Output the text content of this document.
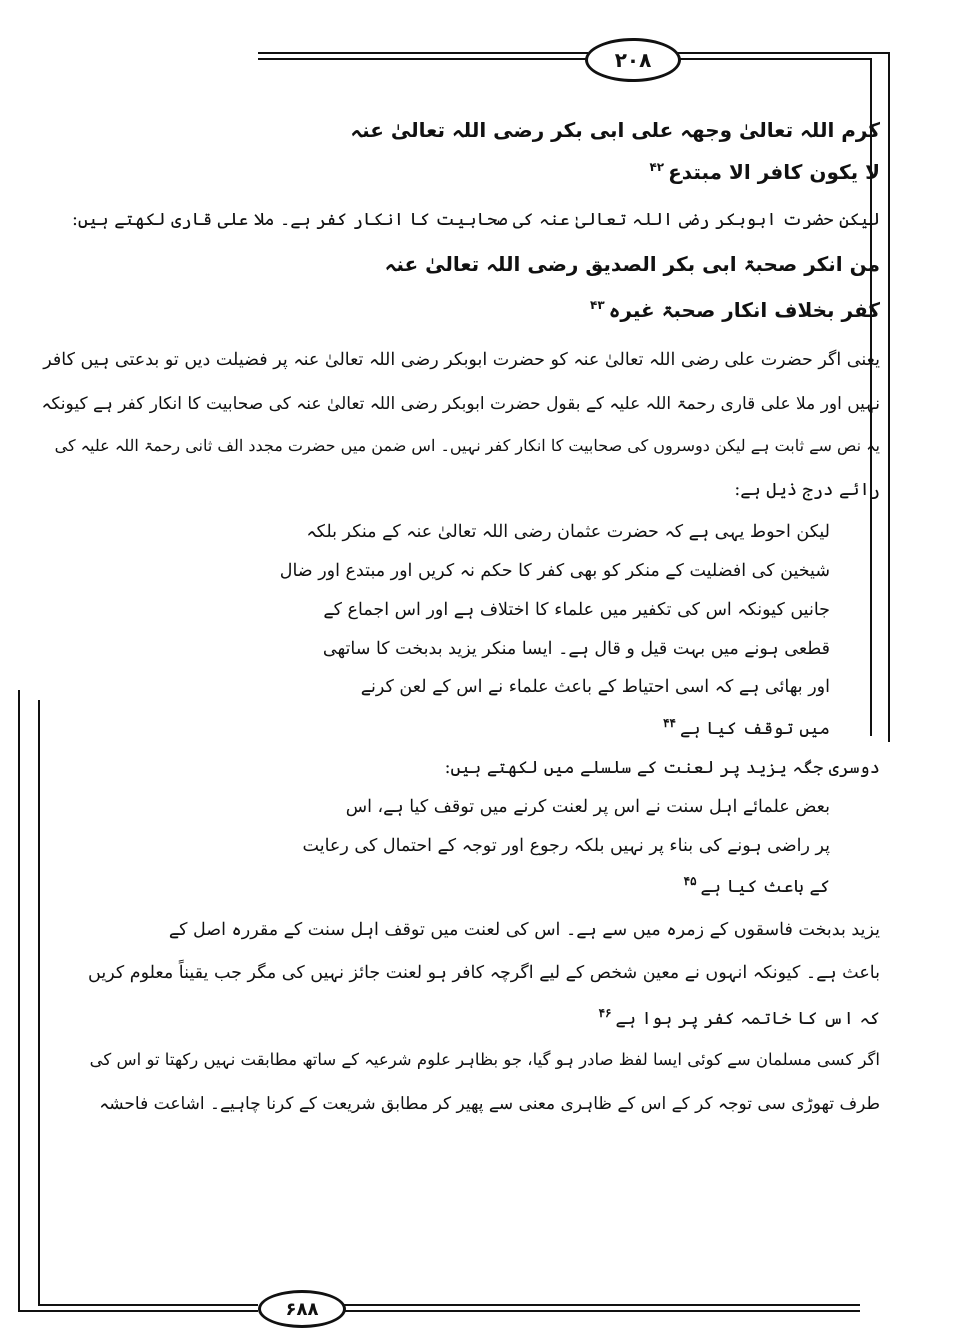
۲۰۸
۶۸۸
کرم اللہ تعالیٰ وجھہ علی ابی بکر رضی اللہ تعالیٰ عنہ
لا یکون کافر الا مبتدع$^{۴۲}$
لیکن حضرت ابوبکر رضی اللہ تعالیٰ عنہ کی صحابیت کا انکار کفر ہے۔ ملا علی قاری لکھتے ہیں:
من انکر صحبۃ ابی بکر الصدیق رضی اللہ تعالیٰ عنہ
کفر بخلاف انکار صحبۃ غیرہ$^{۴۳}$
یعنی اگر حضرت علی رضی اللہ تعالیٰ عنہ کو حضرت ابوبکر رضی اللہ تعالیٰ عنہ پر فضیلت دیں تو بدعتی ہیں کافر
نہیں اور ملا علی قاری رحمۃ اللہ علیہ کے بقول حضرت ابوبکر رضی اللہ تعالیٰ عنہ کی صحابیت کا انکار کفر ہے کیونکہ
یہ نص سے ثابت ہے لیکن دوسروں کی صحابیت کا انکار کفر نہیں۔ اس ضمن میں حضرت مجدد الف ثانی رحمۃ اللہ علیہ کی
رائے درج ذیل ہے:
لیکن احوط یہی ہے کہ حضرت عثمان رضی اللہ تعالیٰ عنہ کے منکر بلکہ
شیخین کی افضلیت کے منکر کو بھی کفر کا حکم نہ کریں اور مبتدع اور ضال
جانیں کیونکہ اس کی تکفیر میں علماء کا اختلاف ہے اور اس اجماع کے
قطعی ہونے میں بہت قیل و قال ہے۔ ایسا منکر یزید بدبخت کا ساتھی
اور بھائی ہے کہ اسی احتیاط کے باعث علماء نے اس کے لعن کرنے
میں توقف کیا ہے$^{۴۴}$
دوسری جگہ یزید پر لعنت کے سلسلے میں لکھتے ہیں:
بعض علمائے اہل سنت نے اس پر لعنت کرنے میں توقف کیا ہے، اس
پر راضی ہونے کی بناء پر نہیں بلکہ رجوع اور توجہ کے احتمال کی رعایت
کے باعث کیا ہے$^{۴۵}$
یزید بدبخت فاسقوں کے زمرہ میں سے ہے۔ اس کی لعنت میں توقف اہل سنت کے مقررہ اصل کے
باعث ہے۔ کیونکہ انہوں نے معین شخص کے لیے اگرچہ کافر ہو لعنت جائز نہیں کی مگر جب یقیناً معلوم کریں
کہ اس کا خاتمہ کفر پر ہوا ہے$^{۴۶}$
اگر کسی مسلمان سے کوئی ایسا لفظ صادر ہو گیا، جو بظاہر علوم شرعیہ کے ساتھ مطابقت نہیں رکھتا تو اس کی
طرف تھوڑی سی توجہ کر کے اس کے ظاہری معنی سے پھیر کر مطابق شریعت کے کرنا چاہیے۔ اشاعت فاحشہ
